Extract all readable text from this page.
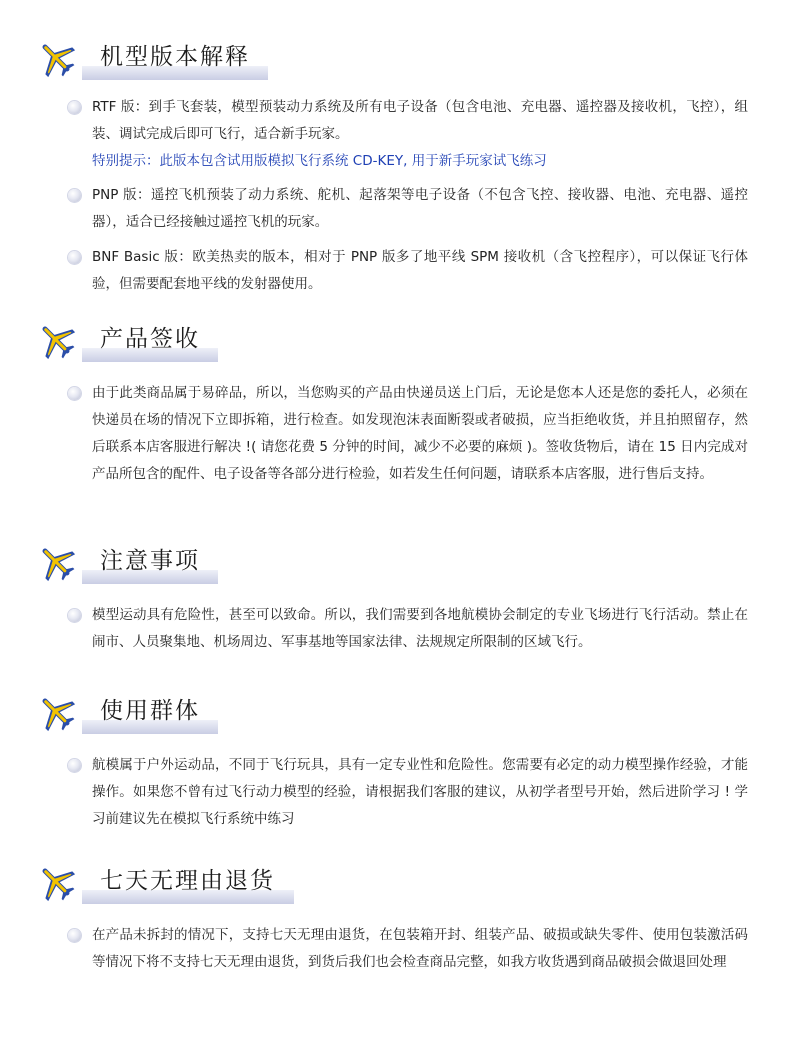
机型版本解释
RTF 版：到手飞套装，模型预装动力系统及所有电子设备（包含电池、充电器、遥控器及接收机，飞控），组装、调试完成后即可飞行，适合新手玩家。
特别提示：此版本包含试用版模拟飞行系统 CD-KEY, 用于新手玩家试飞练习
PNP 版：遥控飞机预装了动力系统、舵机、起落架等电子设备（不包含飞控、接收器、电池、充电器、遥控器），适合已经接触过遥控飞机的玩家。
BNF Basic 版：欧美热卖的版本，相对于 PNP 版多了地平线 SPM 接收机（含飞控程序），可以保证飞行体验，但需要配套地平线的发射器使用。
产品签收
由于此类商品属于易碎品，所以，当您购买的产品由快递员送上门后，无论是您本人还是您的委托人，必须在快递员在场的情况下立即拆箱，进行检查。如发现泡沫表面断裂或者破损，应当拒绝收货，并且拍照留存，然后联系本店客服进行解决 !( 请您花费 5 分钟的时间，减少不必要的麻烦 )。签收货物后，请在 15 日内完成对产品所包含的配件、电子设备等各部分进行检验，如若发生任何问题，请联系本店客服，进行售后支持。
注意事项
模型运动具有危险性，甚至可以致命。所以，我们需要到各地航模协会制定的专业飞场进行飞行活动。禁止在闹市、人员聚集地、机场周边、军事基地等国家法律、法规规定所限制的区域飞行。
使用群体
航模属于户外运动品，不同于飞行玩具，具有一定专业性和危险性。您需要有必定的动力模型操作经验，才能操作。如果您不曾有过飞行动力模型的经验，请根据我们客服的建议，从初学者型号开始，然后进阶学习 ! 学习前建议先在模拟飞行系统中练习
七天无理由退货
在产品未拆封的情况下，支持七天无理由退货，在包装箱开封、组装产品、破损或缺失零件、使用包装激活码等情况下将不支持七天无理由退货，到货后我们也会检查商品完整，如我方收货遇到商品破损会做退回处理
